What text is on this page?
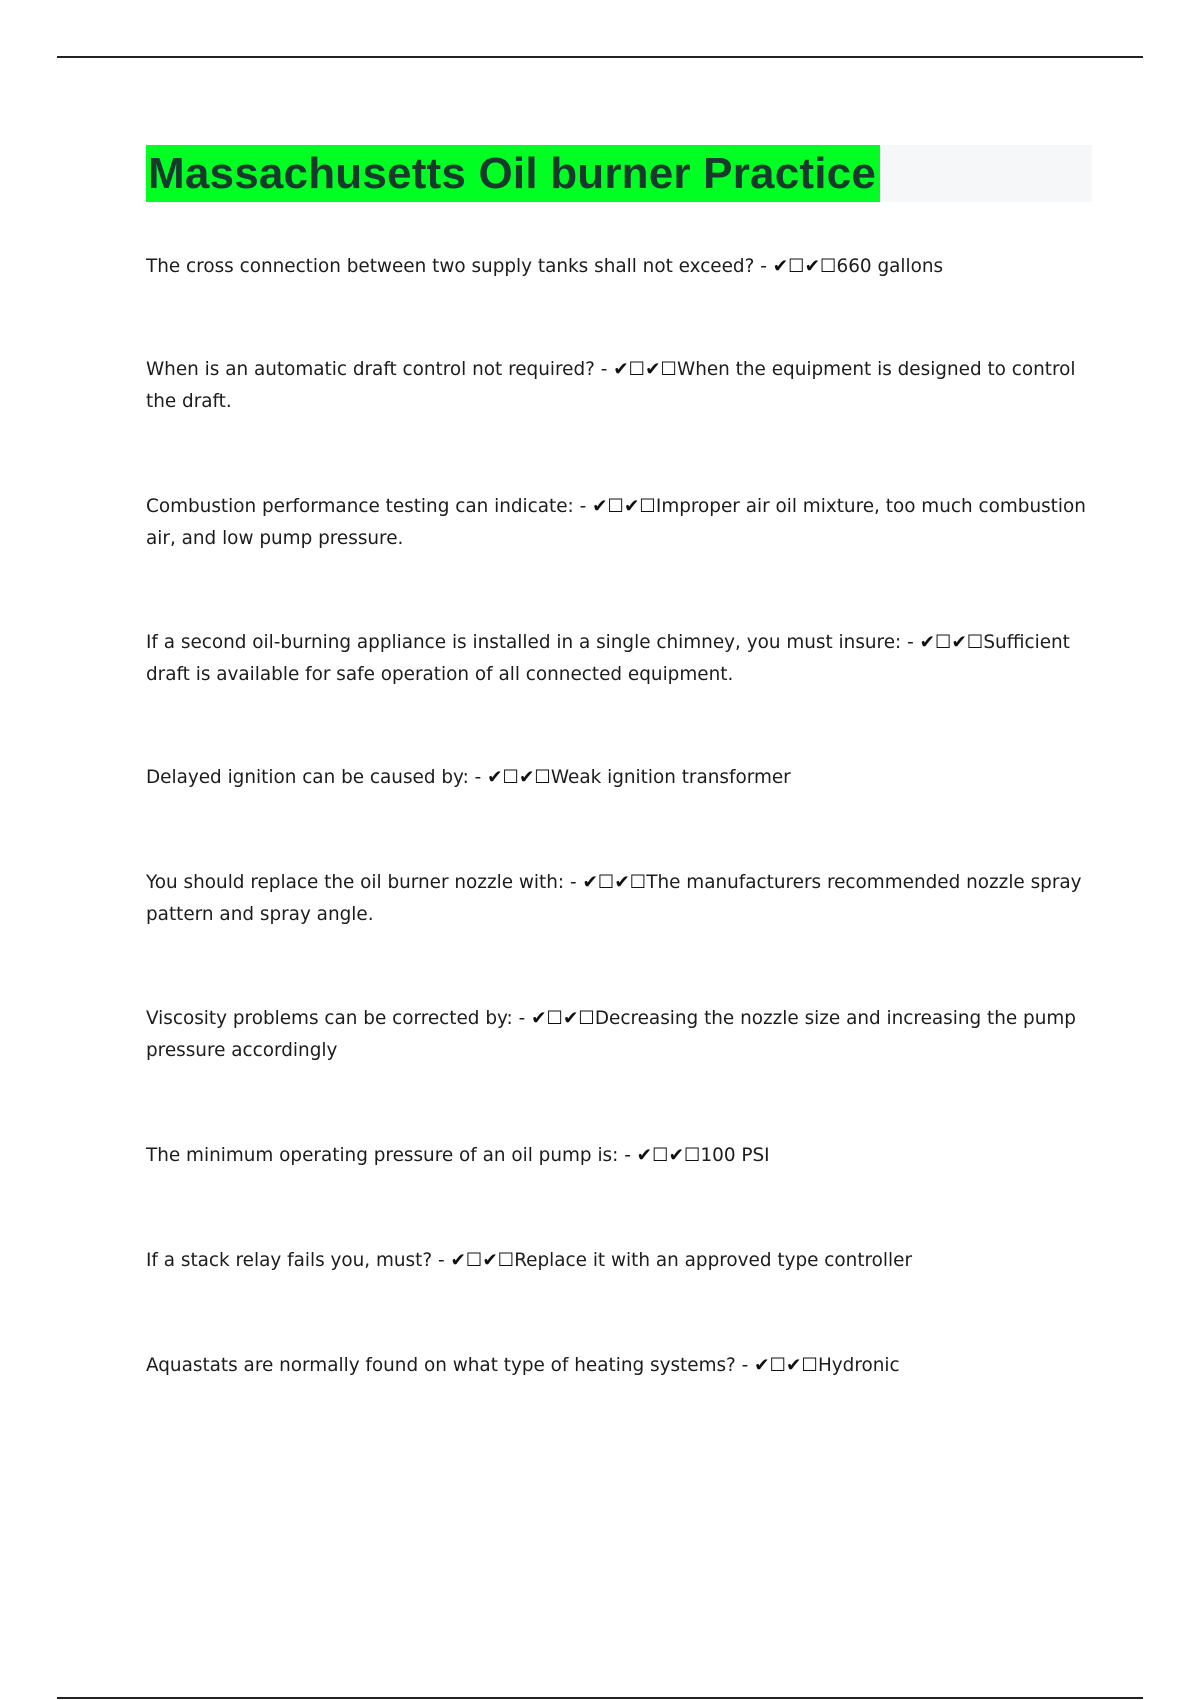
Massachusetts Oil burner Practice

The cross connection between two supply tanks shall not exceed? - ✔☐✔☐660 gallons

When is an automatic draft control not required? - ✔☐✔☐When the equipment is designed to control the draft.

Combustion performance testing can indicate: - ✔☐✔☐Improper air oil mixture, too much combustion air, and low pump pressure.

If a second oil-burning appliance is installed in a single chimney, you must insure: - ✔☐✔☐Sufficient draft is available for safe operation of all connected equipment.

Delayed ignition can be caused by: - ✔☐✔☐Weak ignition transformer

You should replace the oil burner nozzle with: - ✔☐✔☐The manufacturers recommended nozzle spray pattern and spray angle.

Viscosity problems can be corrected by: - ✔☐✔☐Decreasing the nozzle size and increasing the pump pressure accordingly

The minimum operating pressure of an oil pump is: - ✔☐✔☐100 PSI

If a stack relay fails you, must? - ✔☐✔☐Replace it with an approved type controller

Aquastats are normally found on what type of heating systems? - ✔☐✔☐Hydronic
